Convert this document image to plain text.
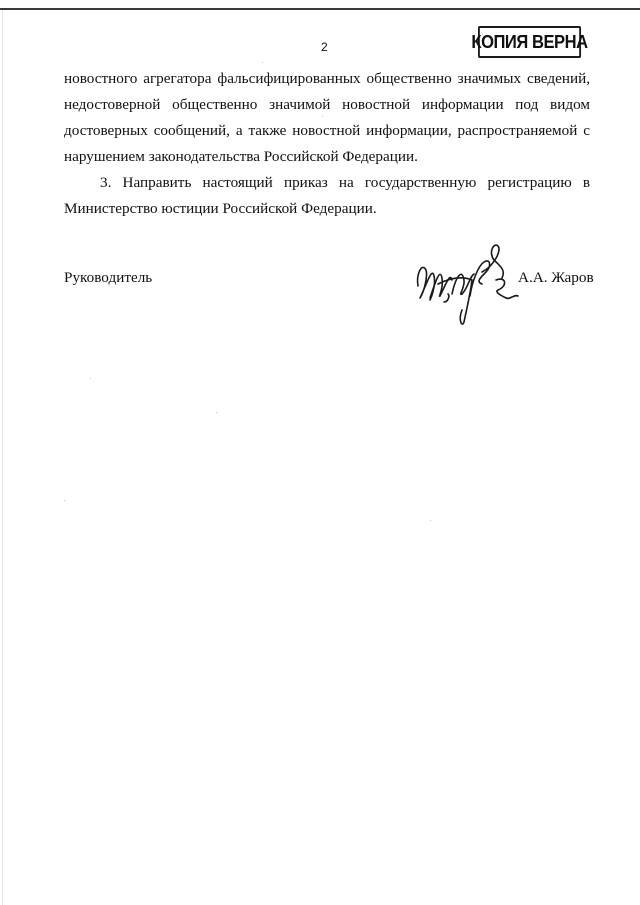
2	КОПИЯ ВЕРНА
новостного агрегатора фальсифицированных общественно значимых сведений,
недостоверной общественно значимой новостной информации под видом
достоверных сообщений, а также новостной информации, распространяемой с
нарушением законодательства Российской Федерации.
3. Направить настоящий приказ на государственную регистрацию в
Министерство юстиции Российской Федерации.
Руководитель	А.А. Жаров
